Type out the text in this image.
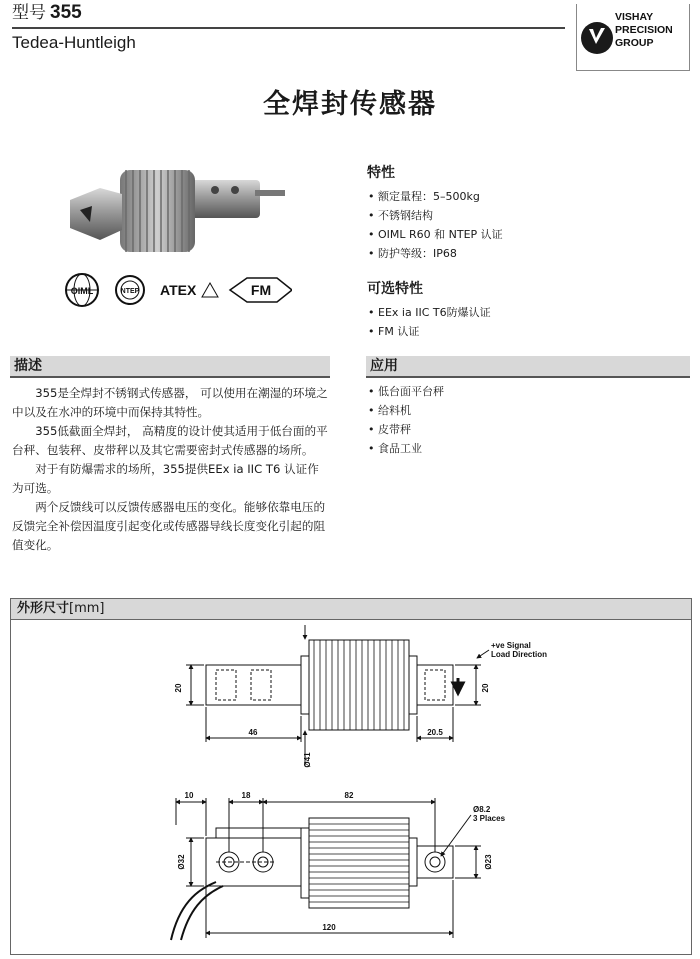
型号 355
Tedea-Huntleigh
VISHAY
PRECISION
GROUP
全焊封传感器
OIML	NTEP ATEX	FM
特性
• 额定量程：5–500kg
• 不锈钢结构
• OIML R60 和 NTEP 认证
• 防护等级：IP68
可选特性
• EEx ia IIC T6防爆认证
• FM 认证
描述

355是全焊封不锈钢式传感器， 可以使用在潮湿的环境之中以及在水冲的环境中而保持其特性。

355低截面全焊封， 高精度的设计使其适用于低台面的平台秤、包装秤、皮带秤以及其它需要密封式传感器的场所。

对于有防爆需求的场所，355提供EEx ia IIC T6 认证作为可选。

两个反馈线可以反馈传感器电压的变化。能够依靠电压的反馈完全补偿因温度引起变化或传感器导线长度变化引起的阻值变化。

应用
• 低台面平台秤
• 给料机
• 皮带秤
• 食品工业
外形尺寸[mm]
20
46
Ø41
20.5
20
+ve Signal
Load Direction
10	18	82
Ø32
Ø8.2
3 Places
Ø23
120
